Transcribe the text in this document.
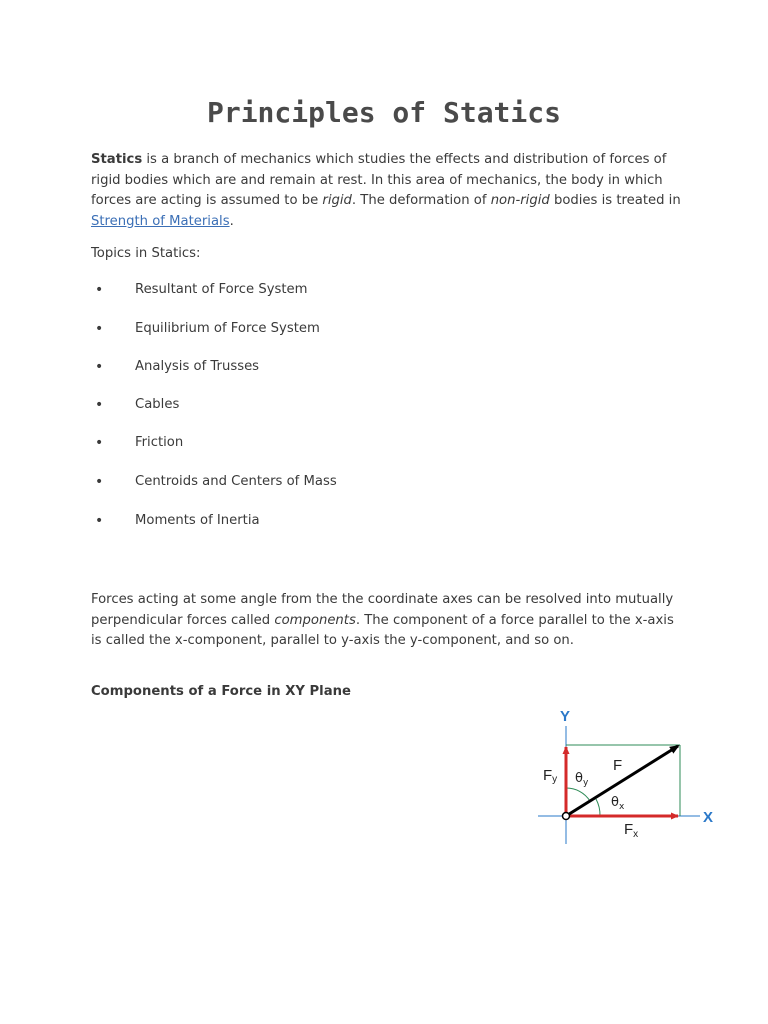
Principles of Statics

Statics is a branch of mechanics which studies the effects and distribution of forces of rigid bodies which are and remain at rest. In this area of mechanics, the body in which forces are acting is assumed to be rigid. The deformation of non-rigid bodies is treated in Strength of Materials.

Topics in Statics:

• Resultant of Force System
• Equilibrium of Force System
• Analysis of Trusses
• Cables
• Friction
• Centroids and Centers of Mass
• Moments of Inertia

Forces acting at some angle from the the coordinate axes can be resolved into mutually perpendicular forces called components. The component of a force parallel to the x-axis is called the x-component, parallel to y-axis the y-component, and so on.

Components of a Force in XY Plane

Y
X
F
Fy
$F_x$
$\theta_y$
$\theta_x$
